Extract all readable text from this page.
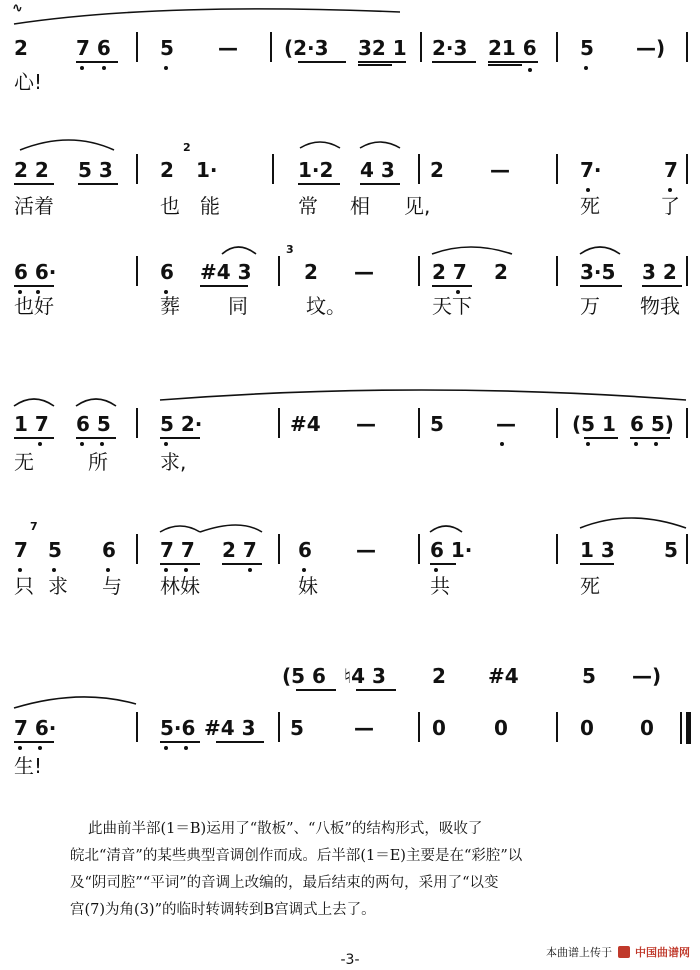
∿
2 7 6 5 — (2·3 32 1 2·3 21 6 5 —)
心!
2 2 5 3 2
2
1·	1·2 4 3 2 —	7·	7
活着	也能	常 相 见,	死	了
6 6·	6 #4 3
3
2 —	2 7 2	3·5 3 2
也好	葬 同	坟。	天下	万 物我
1 7 6 5 5 2·	#4 —	5	—	(5 1 6 5)
无	所	求,
7
7
5 6 7 7 2 7 6 —	6 1·	1 3 5
只 求 与 林妹	妹	共	死
(5 6 ♮4 3 2 #4	5 —)
7 6·	5·6 #4 3 5	—	0 0	0 0
生!
此曲前半部(1＝B)运用了“散板”、“八板”的结构形式，吸收了
皖北“清音”的某些典型音调创作而成。后半部(1＝E)主要是在“彩腔”以
及“阴司腔”“平词”的音调上改编的，最后结束的两句，采用了“以变
宫(7)为角(3)”的临时转调转到B宫调式上去了。
本曲谱上传于 中国曲谱网
-3-
